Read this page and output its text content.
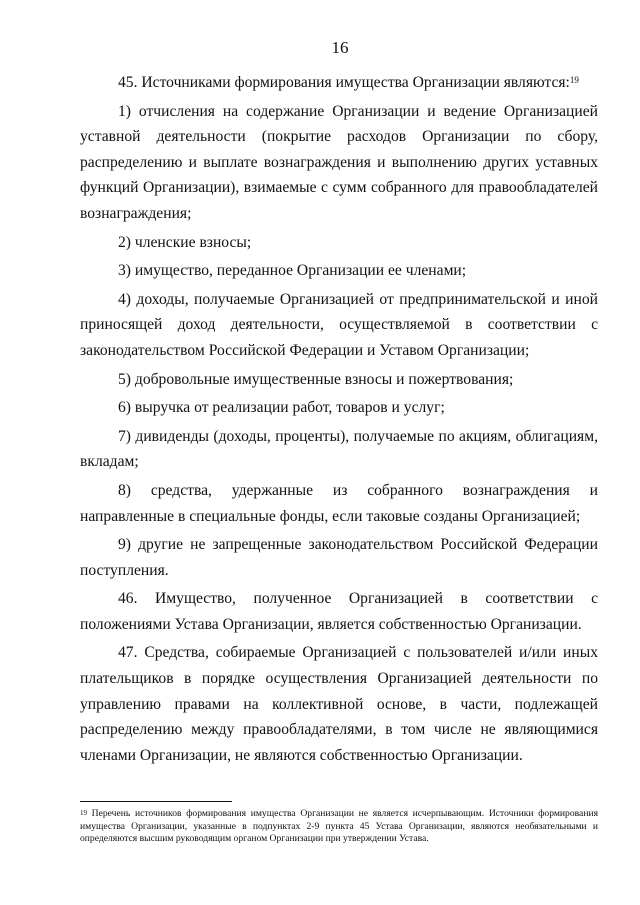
16

45. Источниками формирования имущества Организации являются:$^{19}$

1) отчисления на содержание Организации и ведение Организацией уставной деятельности (покрытие расходов Организации по сбору, распределению и выплате вознаграждения и выполнению других уставных функций Организации), взимаемые с сумм собранного для правообладателей вознаграждения;

2) членские взносы;

3) имущество, переданное Организации ее членами;

4) доходы, получаемые Организацией от предпринимательской и иной приносящей доход деятельности, осуществляемой в соответствии с законодательством Российской Федерации и Уставом Организации;

5) добровольные имущественные взносы и пожертвования;

6) выручка от реализации работ, товаров и услуг;

7) дивиденды (доходы, проценты), получаемые по акциям, облигациям, вкладам;

8) средства, удержанные из собранного вознаграждения и направленные в специальные фонды, если таковые созданы Организацией;

9) другие не запрещенные законодательством Российской Федерации поступления.

46. Имущество, полученное Организацией в соответствии с положениями Устава Организации, является собственностью Организации.

47. Средства, собираемые Организацией с пользователей и/или иных плательщиков в порядке осуществления Организацией деятельности по управлению правами на коллективной основе, в части, подлежащей распределению между правообладателями, в том числе не являющимися членами Организации, не являются собственностью Организации.

$^{19}$ Перечень источников формирования имущества Организации не является исчерпывающим. Источники формирования имущества Организации, указанные в подпунктах 2-9 пункта 45 Устава Организации, являются необязательными и определяются высшим руководящим органом Организации при утверждении Устава.
